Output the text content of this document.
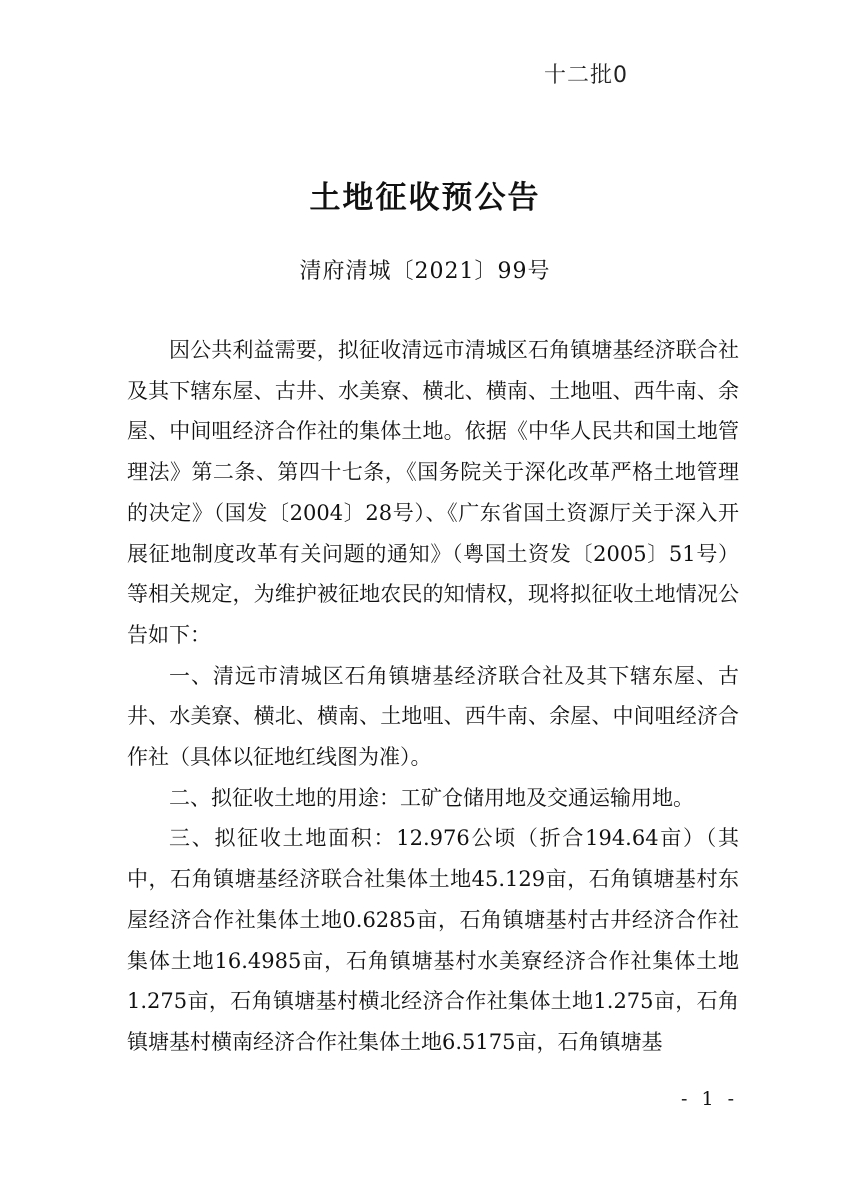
十二批0
土地征收预公告
清府清城〔2021〕99号

因公共利益需要，拟征收清远市清城区石角镇塘基经济联合社及其下辖东屋、古井、水美寮、横北、横南、土地咀、西牛南、余屋、中间咀经济合作社的集体土地。依据《中华人民共和国土地管理法》第二条、第四十七条，《国务院关于深化改革严格土地管理的决定》（国发〔2004〕28号）、《广东省国土资源厅关于深入开展征地制度改革有关问题的通知》（粤国土资发〔2005〕51号）等相关规定，为维护被征地农民的知情权，现将拟征收土地情况公告如下：

一、清远市清城区石角镇塘基经济联合社及其下辖东屋、古井、水美寮、横北、横南、土地咀、西牛南、余屋、中间咀经济合作社（具体以征地红线图为准）。

二、拟征收土地的用途：工矿仓储用地及交通运输用地。

三、拟征收土地面积：12.976公顷（折合194.64亩）（其中，石角镇塘基经济联合社集体土地45.129亩，石角镇塘基村东屋经济合作社集体土地0.6285亩，石角镇塘基村古井经济合作社集体土地16.4985亩，石角镇塘基村水美寮经济合作社集体土地1.275亩，石角镇塘基村横北经济合作社集体土地1.275亩，石角镇塘基村横南经济合作社集体土地6.5175亩，石角镇塘基

- 1 -
